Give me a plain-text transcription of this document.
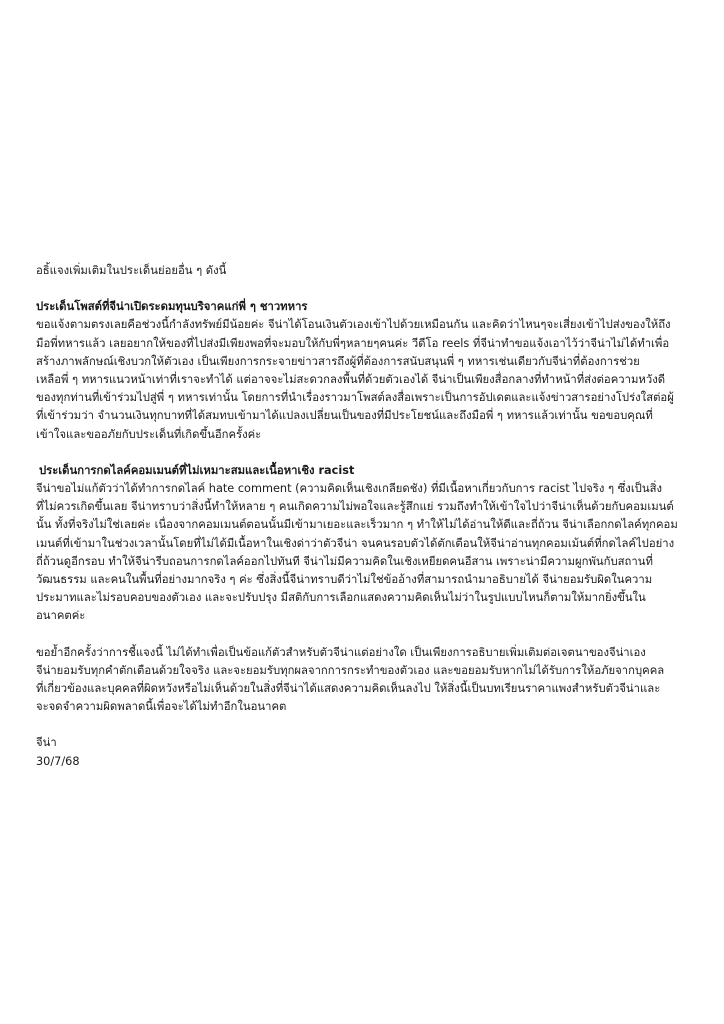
อธิ้แจงเพิ่มเติมในประเด็นย่อยอื่น ๆ ดังนี้

ประเด็นโพสต์ที่จีน่าเปิดระดมทุนบริจาคแก่พี่ ๆ ชาวทหาร

ขอแจ้งตามตรงเลยคือช่วงนี้กำลังทรัพย์มีน้อยค่ะ จีน่าได้โอนเงินตัวเองเข้าไปด้วยเหมือนกัน และคิดว่าไหนๆจะเสี่ยงเข้าไปส่งของให้ถึง

มือพี่ทหารแล้ว เลยอยากให้ของที่ไปส่งมีเพียงพอที่จะมอบให้กับพี่ๆหลายๆคนค่ะ วีดีโอ reels ที่จีน่าทำขอแจ้งเอาไว้ว่าจีน่าไม่ได้ทำเพื่อ

สร้างภาพลักษณ์เชิงบวกให้ตัวเอง เป็นเพียงการกระจายข่าวสารถึงผู้ที่ต้องการสนับสนุนพี่ ๆ ทหารเช่นเดียวกับจีน่าที่ต้องการช่วย

เหลือพี่ ๆ ทหารแนวหน้าเท่าที่เราจะทำได้ แต่อาจจะไม่สะดวกลงพื้นที่ด้วยตัวเองได้ จีน่าเป็นเพียงสื่อกลางที่ทำหน้าที่ส่งต่อความหวังดี

ของทุกท่านที่เข้าร่วมไปสู่พี่ ๆ ทหารเท่านั้น โดยการที่นำเรื่องราวมาโพสต์ลงสื่อเพราะเป็นการอัปเดตและแจ้งข่าวสารอย่างโปร่งใสต่อผู้

ที่เข้าร่วมว่า จำนวนเงินทุกบาทที่ได้สมทบเข้ามาได้แปลงเปลี่ยนเป็นของที่มีประโยชน์และถึงมือพี่ ๆ ทหารแล้วเท่านั้น ขอขอบคุณที่

เข้าใจและขออภัยกับประเด็นที่เกิดขึ้นอีกครั้งค่ะ

ประเด็นการกดไลค์คอมเมนต์ที่ไม่เหมาะสมและเนื้อหาเชิง racist

จีน่าขอไม่แก้ตัวว่าได้ทำการกดไลค์ hate comment (ความคิดเห็นเชิงเกลียดชัง) ที่มีเนื้อหาเกี่ยวกับการ racist ไปจริง ๆ ซึ่งเป็นสิ่ง

ที่ไม่ควรเกิดขึ้นเลย จีน่าทราบว่าสิ่งนี้ทำให้หลาย ๆ คนเกิดความไม่พอใจและรู้สึกแย่ รวมถึงทำให้เข้าใจไปว่าจีน่าเห็นด้วยกับคอมเมนต์

นั้น ทั้งที่จริงไม่ใช่เลยค่ะ เนื่องจากคอมเมนต์ตอนนั้นมีเข้ามาเยอะและเร็วมาก ๆ ทำให้ไม่ได้อ่านให้ดีและถี่ถ้วน จีน่าเลือกกดไลค์ทุกคอม

เมนต์ที่เข้ามาในช่วงเวลานั้นโดยที่ไม่ได้มีเนื้อหาในเชิงด่าว่าตัวจีน่า จนคนรอบตัวได้ตักเตือนให้จีน่าอ่านทุกคอมเม้นต์ที่กดไลค์ไปอย่าง

ถี่ถ้วนดูอีกรอบ ทำให้จีน่ารีบถอนการกดไลค์ออกไปทันที จีน่าไม่มีความคิดในเชิงเหยียดคนอีสาน เพราะน่ามีความผูกพันกับสถานที่

วัฒนธรรม และคนในพื้นที่อย่างมากจริง ๆ ค่ะ ซึ่งสิ่งนี้จีน่าทราบดีว่าไม่ใช่ข้ออ้างที่สามารถนำมาอธิบายได้ จีน่ายอมรับผิดในความ

ประมาทและไม่รอบคอบของตัวเอง และจะปรับปรุง มีสติกับการเลือกแสดงความคิดเห็นไม่ว่าในรูปแบบไหนก็ตามให้มากยิ่งขึ้นใน

อนาคตค่ะ

ขอย้ำอีกครั้งว่าการชี้แจงนี้ ไม่ได้ทำเพื่อเป็นข้อแก้ตัวสำหรับตัวจีน่าแต่อย่างใด เป็นเพียงการอธิบายเพิ่มเติมต่อเจตนาของจีน่าเอง

จีน่ายอมรับทุกคำตักเตือนด้วยใจจริง และจะยอมรับทุกผลจากการกระทำของตัวเอง และขอยอมรับหากไม่ได้รับการให้อภัยจากบุคคล

ที่เกี่ยวข้องและบุคคลที่ผิดหวังหรือไม่เห็นด้วยในสิ่งที่จีน่าได้แสดงความคิดเห็นลงไป ให้สิ่งนี้เป็นบทเรียนราคาแพงสำหรับตัวจีน่าและ

จะจดจำความผิดพลาดนี้เพื่อจะได้ไม่ทำอีกในอนาคต

จีน่า

30/7/68
